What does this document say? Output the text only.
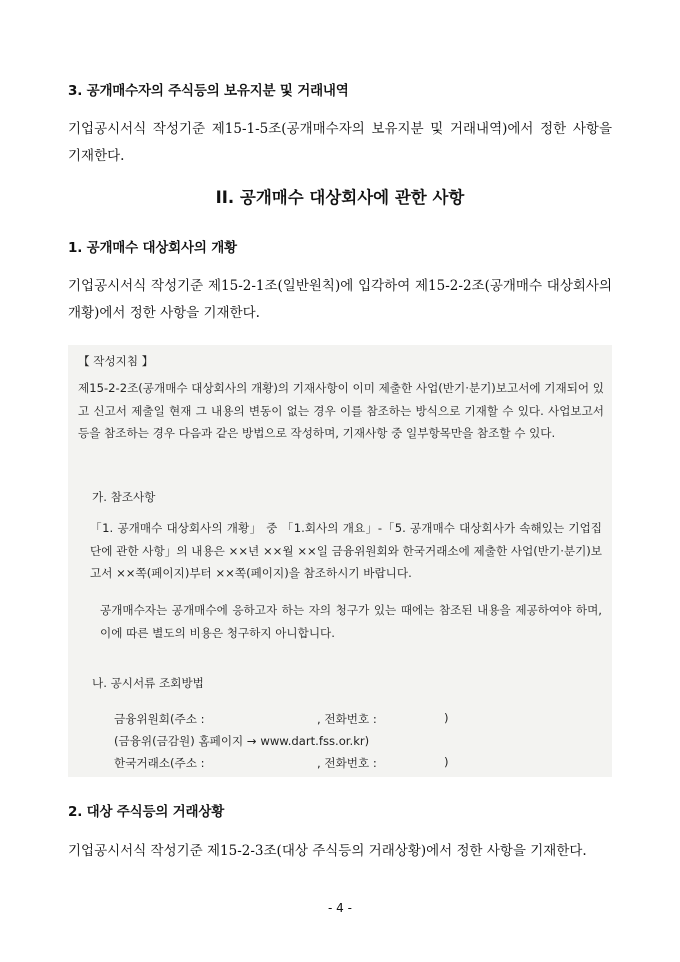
3. 공개매수자의 주식등의 보유지분 및 거래내역
기업공시서식 작성기준 제15-1-5조(공개매수자의 보유지분 및 거래내역)에서 정한 사항을 기재한다.
II. 공개매수 대상회사에 관한 사항
1. 공개매수 대상회사의 개황
기업공시서식 작성기준 제15-2-1조(일반원칙)에 입각하여 제15-2-2조(공개매수 대상회사의 개황)에서 정한 사항을 기재한다.
【 작성지침 】
제15-2-2조(공개매수 대상회사의 개황)의 기재사항이 이미 제출한 사업(반기·분기)보고서에 기재되어 있고 신고서 제출일 현재 그 내용의 변동이 없는 경우 이를 참조하는 방식으로 기재할 수 있다. 사업보고서 등을 참조하는 경우 다음과 같은 방법으로 작성하며, 기재사항 중 일부항목만을 참조할 수 있다.
가. 참조사항
「1. 공개매수 대상회사의 개황」 중 「1.회사의 개요」-「5. 공개매수 대상회사가 속해있는 기업집단에 관한 사항」의 내용은 ××년 ××월 ××일 금융위원회와 한국거래소에 제출한 사업(반기·분기)보고서 ××쪽(페이지)부터 ××쪽(페이지)을 참조하시기 바랍니다.
공개매수자는 공개매수에 응하고자 하는 자의 청구가 있는 때에는 참조된 내용을 제공하여야 하며, 이에 따른 별도의 비용은 청구하지 아니합니다.
나. 공시서류 조회방법
금융위원회(주소 :	, 전화번호 :	)
(금융위(금감원) 홈페이지 → www.dart.fss.or.kr)
한국거래소(주소 :	, 전화번호 :	)
2. 대상 주식등의 거래상황
기업공시서식 작성기준 제15-2-3조(대상 주식등의 거래상황)에서 정한 사항을 기재한다.
- 4 -
